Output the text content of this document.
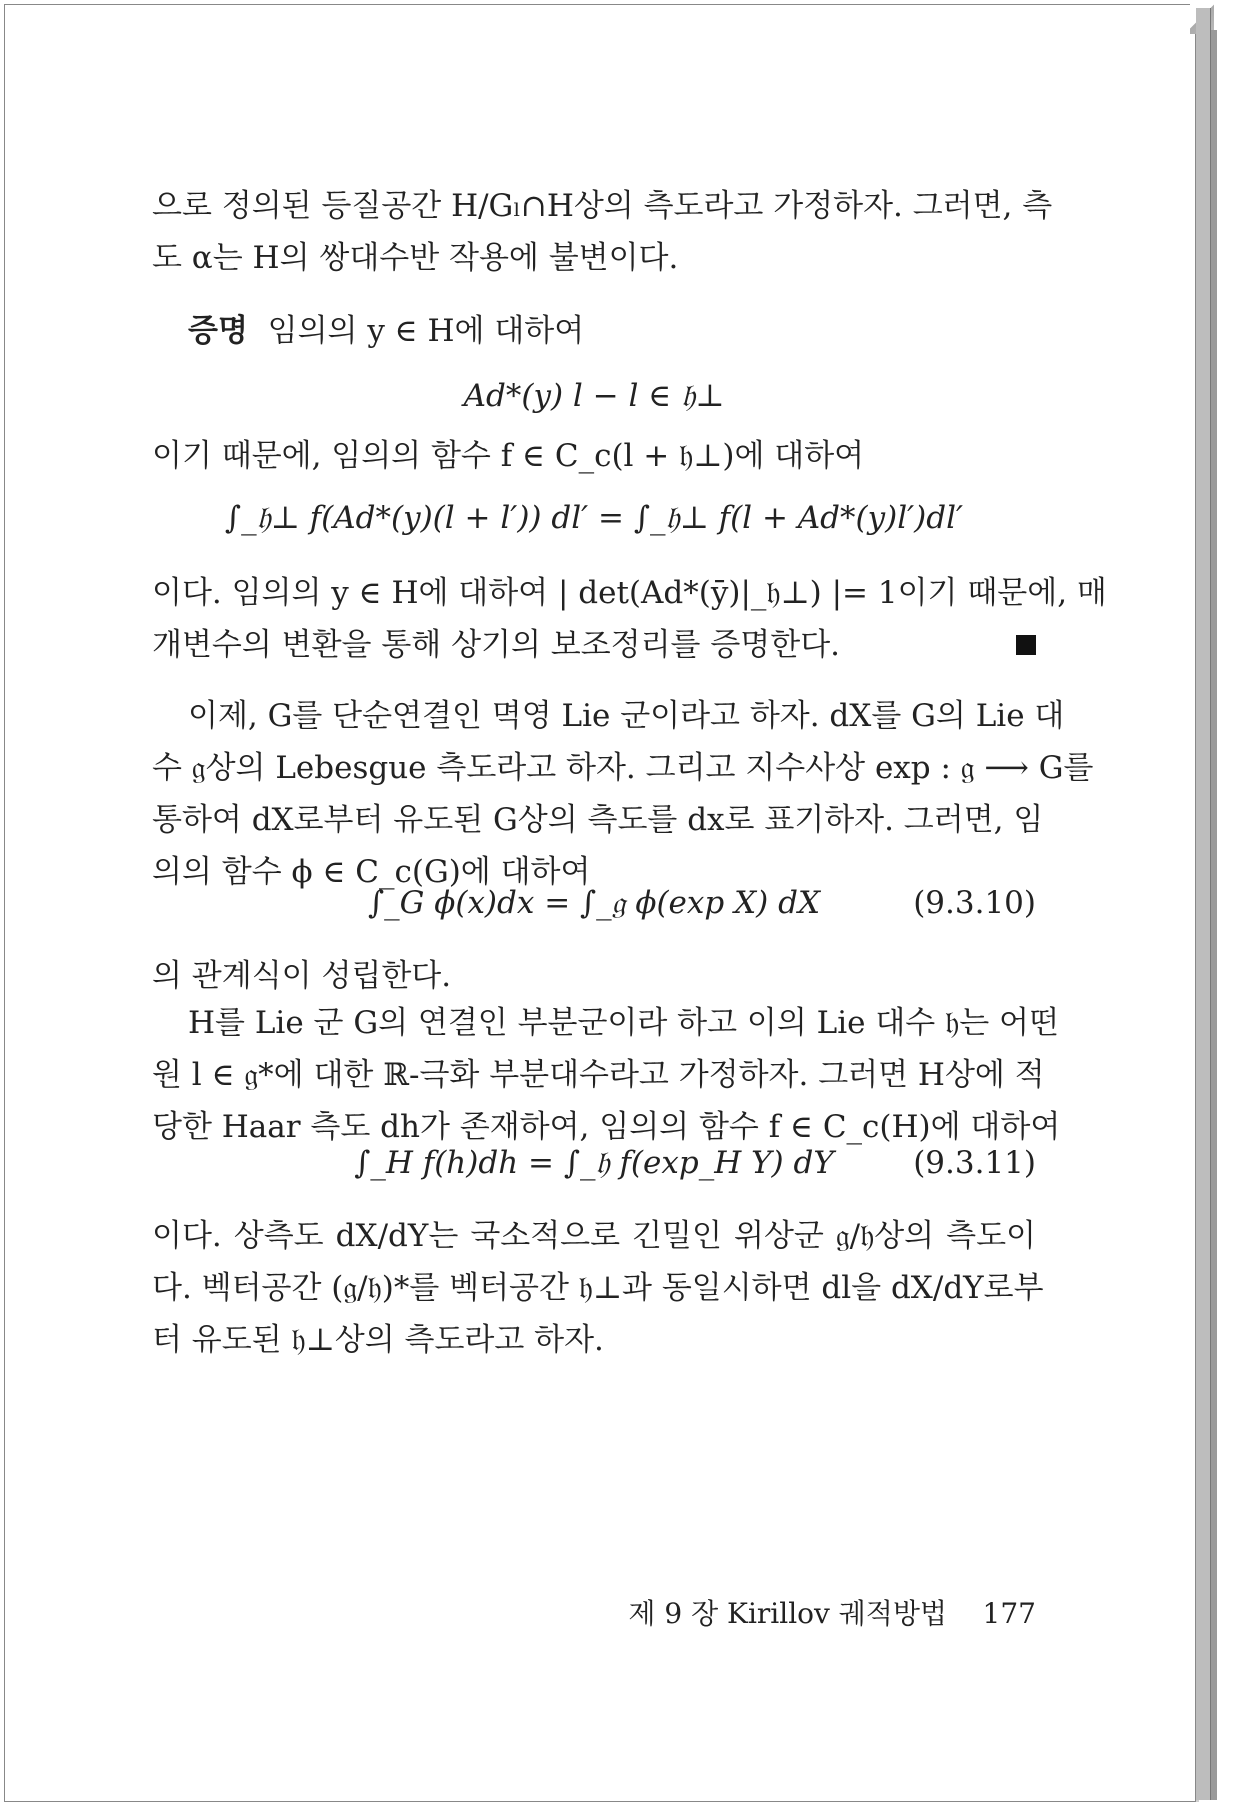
으로 정의된 등질공간 H/Gₗ∩H상의 측도라고 가정하자. 그러면, 측
도 α는 H의 쌍대수반 작용에 불변이다.
증명 임의의 y ∈ H에 대하여
Ad*(y) l − l ∈ 𝔥⊥
이기 때문에, 임의의 함수 f ∈ C_c(l + 𝔥⊥)에 대하여
∫_𝔥⊥ f(Ad*(y)(l + l′)) dl′ = ∫_𝔥⊥ f(l + Ad*(y)l′)dl′
이다. 임의의 y ∈ H에 대하여 | det(Ad*(ȳ)|_𝔥⊥) |= 1이기 때문에, 매
개변수의 변환을 통해 상기의 보조정리를 증명한다.
이제, G를 단순연결인 멱영 Lie 군이라고 하자. dX를 G의 Lie 대
수 𝔤상의 Lebesgue 측도라고 하자. 그리고 지수사상 exp : 𝔤 ⟶ G를
통하여 dX로부터 유도된 G상의 측도를 dx로 표기하자. 그러면, 임
의의 함수 ϕ ∈ C_c(G)에 대하여
∫_G ϕ(x)dx = ∫_𝔤 ϕ(exp X) dX	(9.3.10)
의 관계식이 성립한다.
H를 Lie 군 G의 연결인 부분군이라 하고 이의 Lie 대수 𝔥는 어떤
원 l ∈ 𝔤*에 대한 ℝ-극화 부분대수라고 가정하자. 그러면 H상에 적
당한 Haar 측도 dh가 존재하여, 임의의 함수 f ∈ C_c(H)에 대하여
∫_H f(h)dh = ∫_𝔥 f(exp_H Y) dY	(9.3.11)
이다. 상측도 dX/dY는 국소적으로 긴밀인 위상군 𝔤/𝔥상의 측도이
다. 벡터공간 (𝔤/𝔥)*를 벡터공간 𝔥⊥과 동일시하면 dl을 dX/dY로부
터 유도된 𝔥⊥상의 측도라고 하자.
제 9 장 Kirillov 궤적방법 177
